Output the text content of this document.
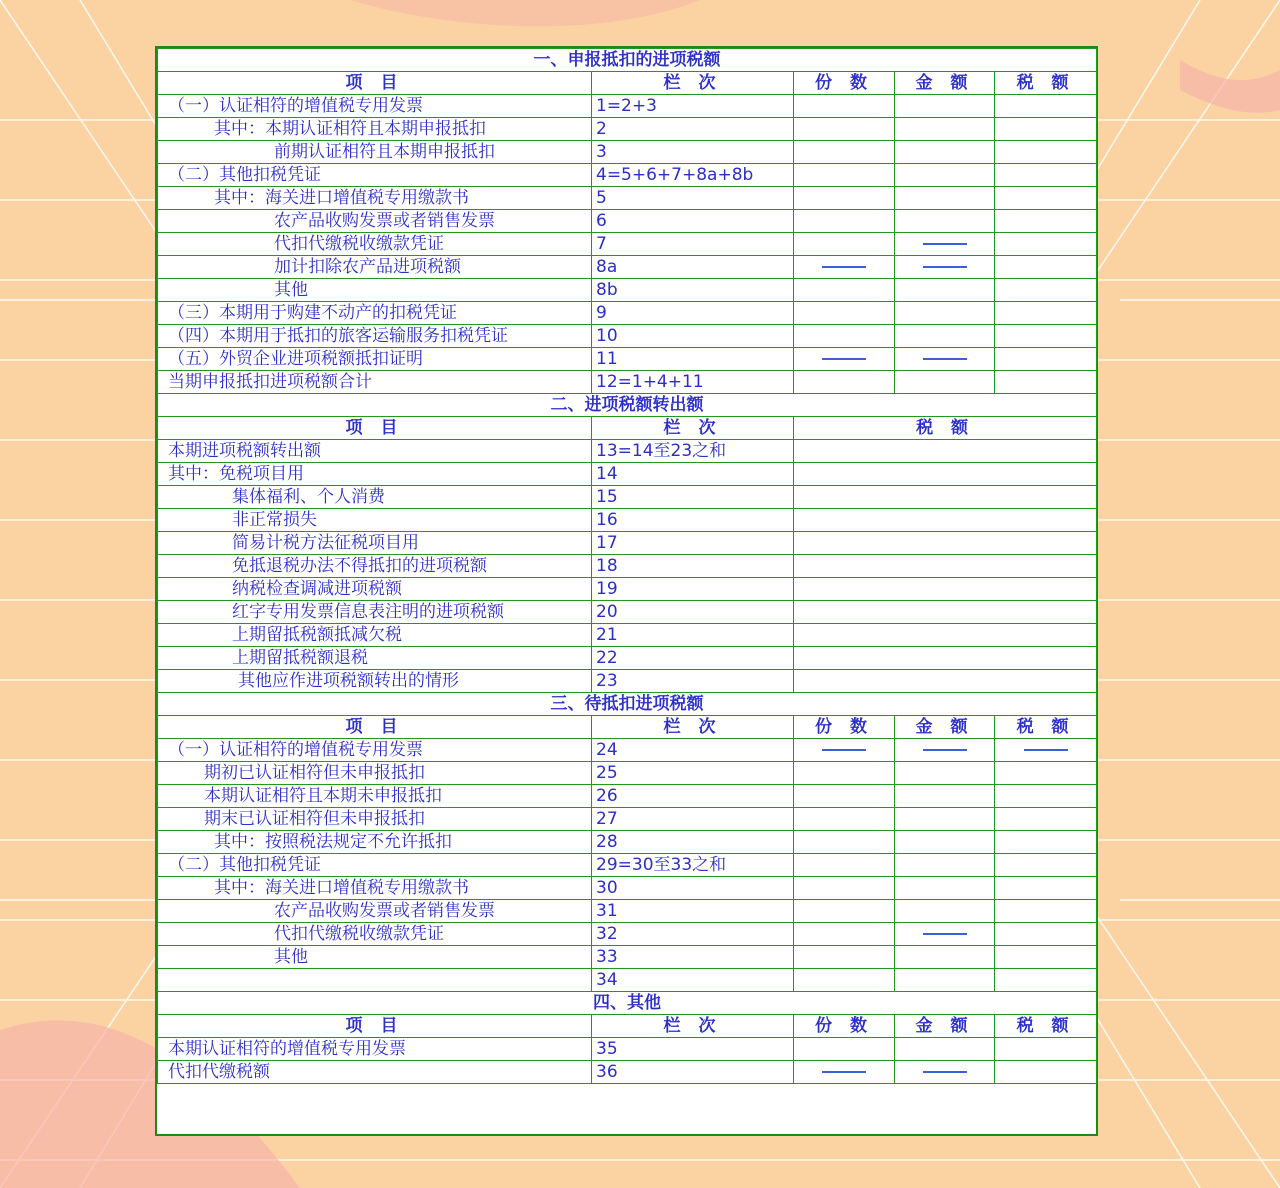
一、申报抵扣的进项税额				
项 目	栏 次	份 数	金 额	税 额
（一）认证相符的增值税专用发票	1=2+3			
其中：本期认证相符且本期申报抵扣	2			
前期认证相符且本期申报抵扣	3			
（二）其他扣税凭证	4=5+6+7+8a+8b			
其中：海关进口增值税专用缴款书	5			
农产品收购发票或者销售发票	6			
代扣代缴税收缴款凭证	7		

加计扣除农产品进项税额	8a	

其他	8b			
（三）本期用于购建不动产的扣税凭证	9			
（四）本期用于抵扣的旅客运输服务扣税凭证	10			
（五）外贸企业进项税额抵扣证明	11	

当期申报抵扣进项税额合计	12=1+4+11			
二、进项税额转出额				
项 目	栏 次	税 额		
本期进项税额转出额	13=14至23之和			
其中：免税项目用	14			
集体福利、个人消费	15			
非正常损失	16			
简易计税方法征税项目用	17			
免抵退税办法不得抵扣的进项税额	18			
纳税检查调减进项税额	19			
红字专用发票信息表注明的进项税额	20			
上期留抵税额抵减欠税	21			
上期留抵税额退税	22			
其他应作进项税额转出的情形	23			
三、待抵扣进项税额				
项 目	栏 次	份 数	金 额	税 额
（一）认证相符的增值税专用发票	24	

期初已认证相符但未申报抵扣	25			
本期认证相符且本期未申报抵扣	26			
期末已认证相符但未申报抵扣	27			
其中：按照税法规定不允许抵扣	28			
（二）其他扣税凭证	29=30至33之和			
其中：海关进口增值税专用缴款书	30			
农产品收购发票或者销售发票	31			
代扣代缴税收缴款凭证	32		

其他	33			
	34			
四、其他				
项 目	栏 次	份 数	金 额	税 额
本期认证相符的增值税专用发票	35			
代扣代缴税额	36	
